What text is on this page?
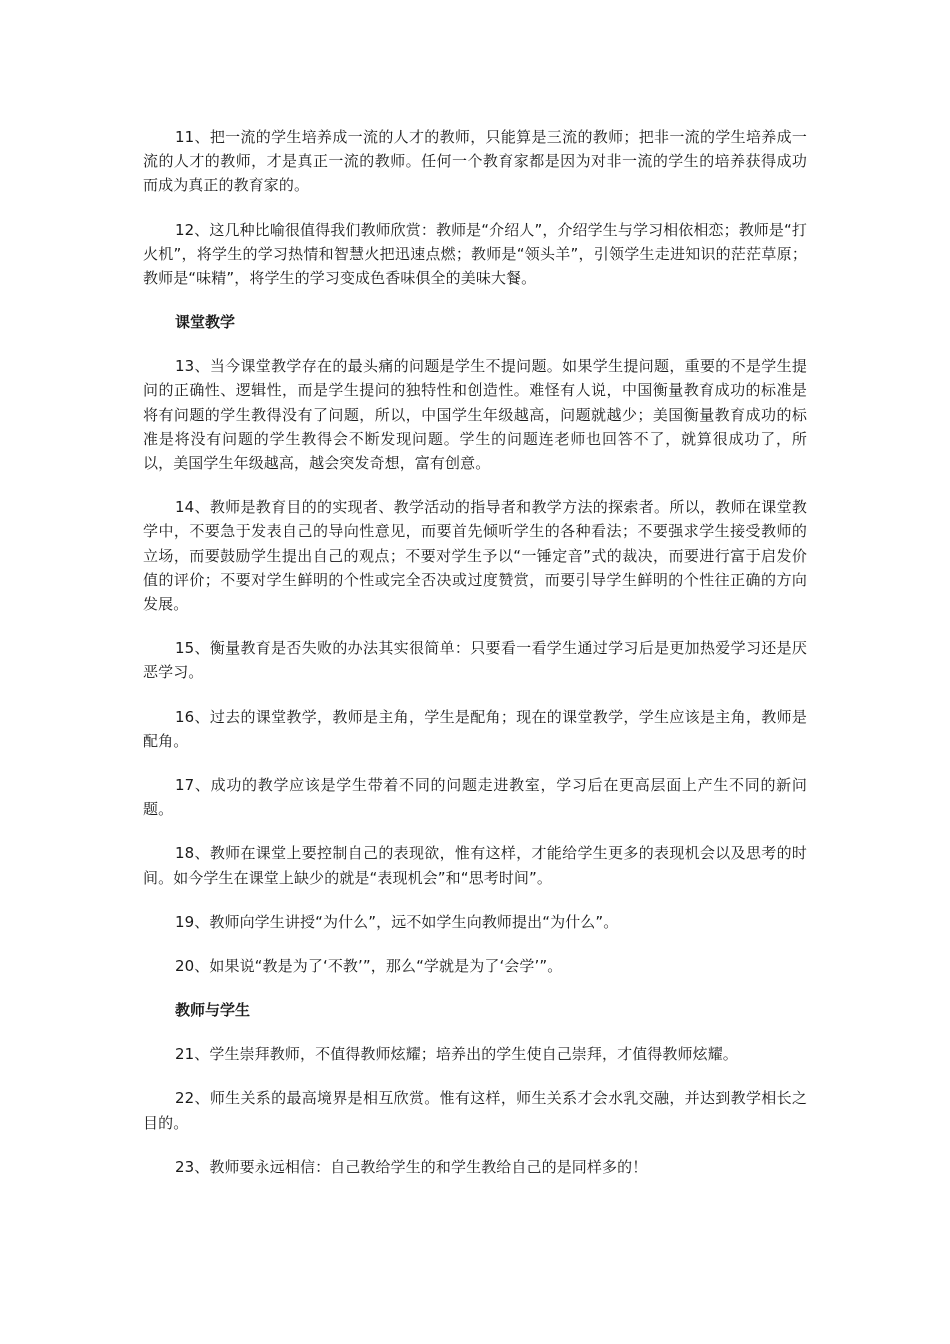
11、把一流的学生培养成一流的人才的教师，只能算是三流的教师；把非一流的学生培养成一流的人才的教师，才是真正一流的教师。任何一个教育家都是因为对非一流的学生的培养获得成功而成为真正的教育家的。

12、这几种比喻很值得我们教师欣赏：教师是“介绍人”，介绍学生与学习相依相恋；教师是“打火机”，将学生的学习热情和智慧火把迅速点燃；教师是“领头羊”，引领学生走进知识的茫茫草原；教师是“味精”，将学生的学习变成色香味俱全的美味大餐。

课堂教学

13、当今课堂教学存在的最头痛的问题是学生不提问题。如果学生提问题，重要的不是学生提问的正确性、逻辑性，而是学生提问的独特性和创造性。难怪有人说，中国衡量教育成功的标准是将有问题的学生教得没有了问题，所以，中国学生年级越高，问题就越少；美国衡量教育成功的标准是将没有问题的学生教得会不断发现问题。学生的问题连老师也回答不了，就算很成功了，所以，美国学生年级越高，越会突发奇想，富有创意。

14、教师是教育目的的实现者、教学活动的指导者和教学方法的探索者。所以，教师在课堂教学中，不要急于发表自己的导向性意见，而要首先倾听学生的各种看法；不要强求学生接受教师的立场，而要鼓励学生提出自己的观点；不要对学生予以“一锤定音”式的裁决，而要进行富于启发价值的评价；不要对学生鲜明的个性或完全否决或过度赞赏，而要引导学生鲜明的个性往正确的方向发展。

15、衡量教育是否失败的办法其实很简单：只要看一看学生通过学习后是更加热爱学习还是厌恶学习。

16、过去的课堂教学，教师是主角，学生是配角；现在的课堂教学，学生应该是主角，教师是配角。

17、成功的教学应该是学生带着不同的问题走进教室，学习后在更高层面上产生不同的新问题。

18、教师在课堂上要控制自己的表现欲，惟有这样，才能给学生更多的表现机会以及思考的时间。如今学生在课堂上缺少的就是“表现机会”和“思考时间”。

19、教师向学生讲授“为什么”，远不如学生向教师提出“为什么”。

20、如果说“教是为了‘不教’”，那么“学就是为了‘会学’”。

教师与学生

21、学生崇拜教师，不值得教师炫耀；培养出的学生使自己崇拜，才值得教师炫耀。

22、师生关系的最高境界是相互欣赏。惟有这样，师生关系才会水乳交融，并达到教学相长之目的。

23、教师要永远相信：自己教给学生的和学生教给自己的是同样多的！
